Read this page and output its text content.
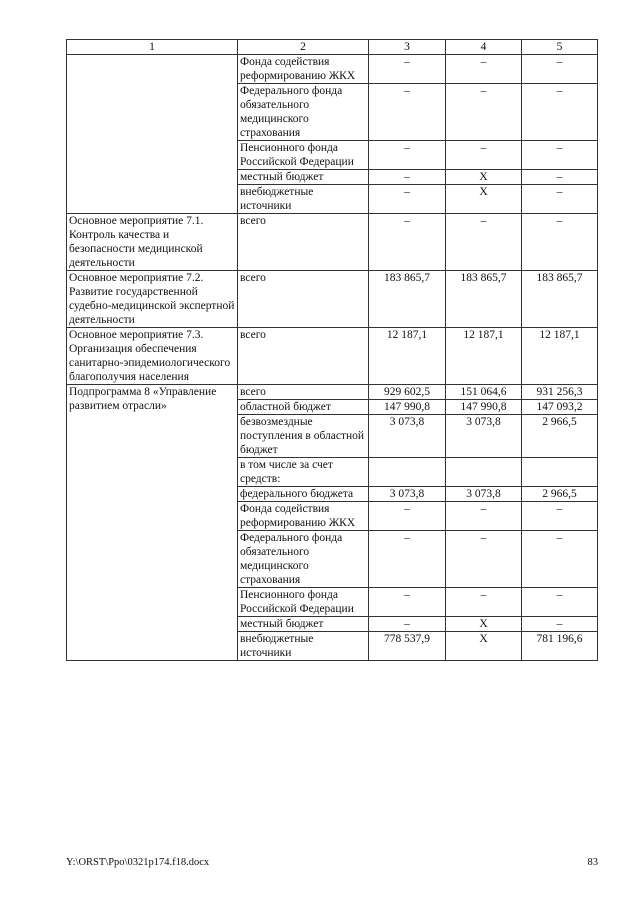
1	2	3	4	5
	Фонда содействия реформированию ЖКХ	–	–	–
	Федерального фонда обязательного медицинского страхования	–	–	–
	Пенсионного фонда Российской Федерации	–	–	–
	местный бюджет	–	Х	–
	внебюджетные источники	–	Х	–
Основное мероприятие 7.1. Контроль качества и безопасности медицинской деятельности	всего	–	–	–
Основное мероприятие 7.2. Развитие государственной судебно-медицинской экспертной деятельности	всего	183 865,7	183 865,7	183 865,7
Основное мероприятие 7.3. Организация обеспечения санитарно-эпидемиологического благополучия населения	всего	12 187,1	12 187,1	12 187,1
Подпрограмма 8 «Управление развитием отрасли»	всего	929 602,5	151 064,6	931 256,3
	областной бюджет	147 990,8	147 990,8	147 093,2
	безвозмездные поступления в областной бюджет	3 073,8	3 073,8	2 966,5
	в том числе за счет средств:			
	федерального бюджета	3 073,8	3 073,8	2 966,5
	Фонда содействия реформированию ЖКХ	–	–	–
	Федерального фонда обязательного медицинского страхования	–	–	–
	Пенсионного фонда Российской Федерации	–	–	–
	местный бюджет	–	Х	–
	внебюджетные источники	778 537,9	Х	781 196,6
Y:\ORST\Ppo\0321p174.f18.docx	83
